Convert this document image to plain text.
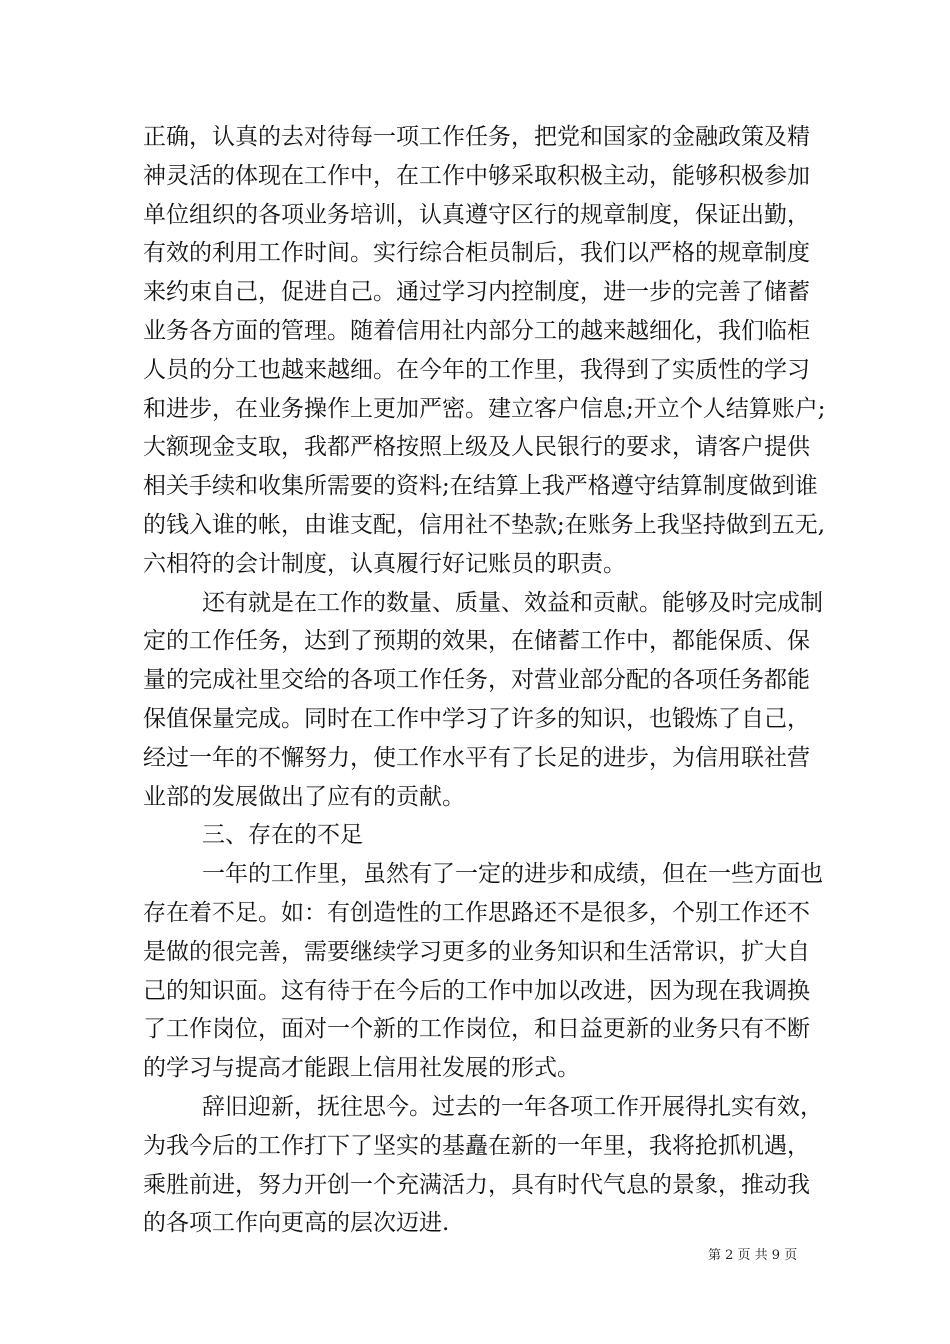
正确，认真的去对待每一项工作任务，把党和国家的金融政策及精
神灵活的体现在工作中，在工作中够采取积极主动，能够积极参加
单位组织的各项业务培训，认真遵守区行的规章制度，保证出勤，
有效的利用工作时间。实行综合柜员制后，我们以严格的规章制度
来约束自己，促进自己。通过学习内控制度，进一步的完善了储蓄
业务各方面的管理。随着信用社内部分工的越来越细化，我们临柜
人员的分工也越来越细。在今年的工作里，我得到了实质性的学习
和进步，在业务操作上更加严密。建立客户信息;开立个人结算账户;
大额现金支取，我都严格按照上级及人民银行的要求，请客户提供
相关手续和收集所需要的资料;在结算上我严格遵守结算制度做到谁
的钱入谁的帐，由谁支配，信用社不垫款;在账务上我坚持做到五无,
六相符的会计制度，认真履行好记账员的职责。
还有就是在工作的数量、质量、效益和贡献。能够及时完成制
定的工作任务，达到了预期的效果，在储蓄工作中，都能保质、保
量的完成社里交给的各项工作任务，对营业部分配的各项任务都能
保值保量完成。同时在工作中学习了许多的知识，也锻炼了自己，
经过一年的不懈努力，使工作水平有了长足的进步，为信用联社营
业部的发展做出了应有的贡献。
三、存在的不足
一年的工作里，虽然有了一定的进步和成绩，但在一些方面也
存在着不足。如：有创造性的工作思路还不是很多，个别工作还不
是做的很完善，需要继续学习更多的业务知识和生活常识，扩大自
己的知识面。这有待于在今后的工作中加以改进，因为现在我调换
了工作岗位，面对一个新的工作岗位，和日益更新的业务只有不断
的学习与提高才能跟上信用社发展的形式。
辞旧迎新，抚往思今。过去的一年各项工作开展得扎实有效，
为我今后的工作打下了坚实的基矗在新的一年里，我将抢抓机遇，
乘胜前进，努力开创一个充满活力，具有时代气息的景象，推动我
的各项工作向更高的层次迈进.
第 2 页 共 9 页
